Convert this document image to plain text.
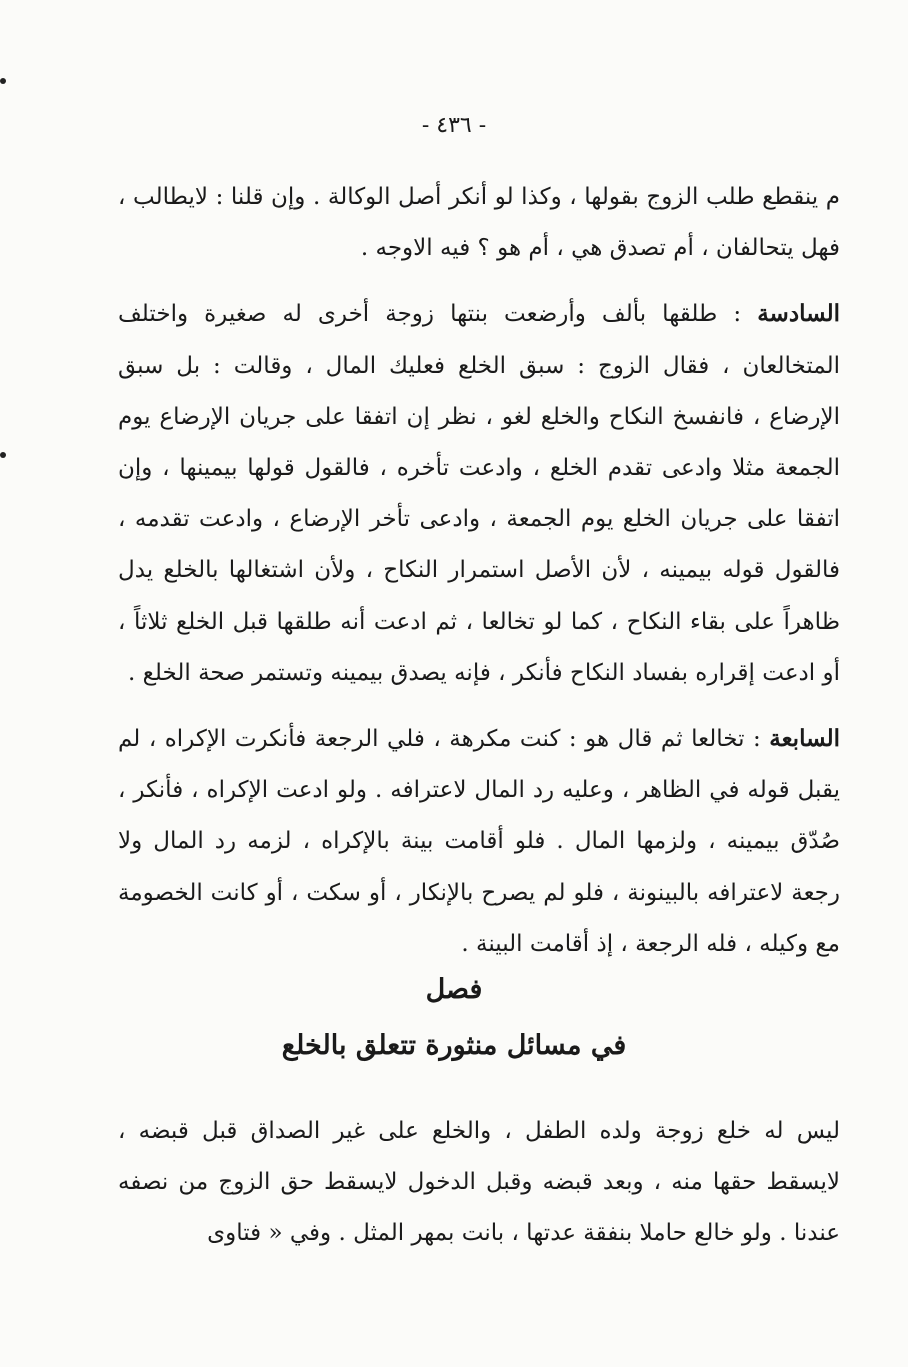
- ٤٣٦ -

م ينقطع طلب الزوج بقولها ، وكذا لو أنكر أصل الوكالة . وإن قلنا : لايطالب ، فهل يتحالفان ، أم تصدق هي ، أم هو ؟ فيه الاوجه .

السادسة : طلقها بألف وأرضعت بنتها زوجة أخرى له صغيرة واختلف المتخالعان ، فقال الزوج : سبق الخلع فعليك المال ، وقالت : بل سبق الإرضاع ، فانفسخ النكاح والخلع لغو ، نظر إن اتفقا على جريان الإرضاع يوم الجمعة مثلا وادعى تقدم الخلع ، وادعت تأخره ، فالقول قولها بيمينها ، وإن اتفقا على جريان الخلع يوم الجمعة ، وادعى تأخر الإرضاع ، وادعت تقدمه ، فالقول قوله بيمينه ، لأن الأصل استمرار النكاح ، ولأن اشتغالها بالخلع يدل ظاهراً على بقاء النكاح ، كما لو تخالعا ، ثم ادعت أنه طلقها قبل الخلع ثلاثاً ، أو ادعت إقراره بفساد النكاح فأنكر ، فإنه يصدق بيمينه وتستمر صحة الخلع .

السابعة : تخالعا ثم قال هو : كنت مكرهة ، فلي الرجعة فأنكرت الإكراه ، لم يقبل قوله في الظاهر ، وعليه رد المال لاعترافه . ولو ادعت الإكراه ، فأنكر ، صُدّق بيمينه ، ولزمها المال . فلو أقامت بينة بالإكراه ، لزمه رد المال ولا رجعة لاعترافه بالبينونة ، فلو لم يصرح بالإنكار ، أو سكت ، أو كانت الخصومة مع وكيله ، فله الرجعة ، إذ أقامت البينة .

فصل
في مسائل منثورة تتعلق بالخلع

ليس له خلع زوجة ولده الطفل ، والخلع على غير الصداق قبل قبضه ، لايسقط حقها منه ، وبعد قبضه وقبل الدخول لايسقط حق الزوج من نصفه عندنا . ولو خالع حاملا بنفقة عدتها ، بانت بمهر المثل . وفي « فتاوى
